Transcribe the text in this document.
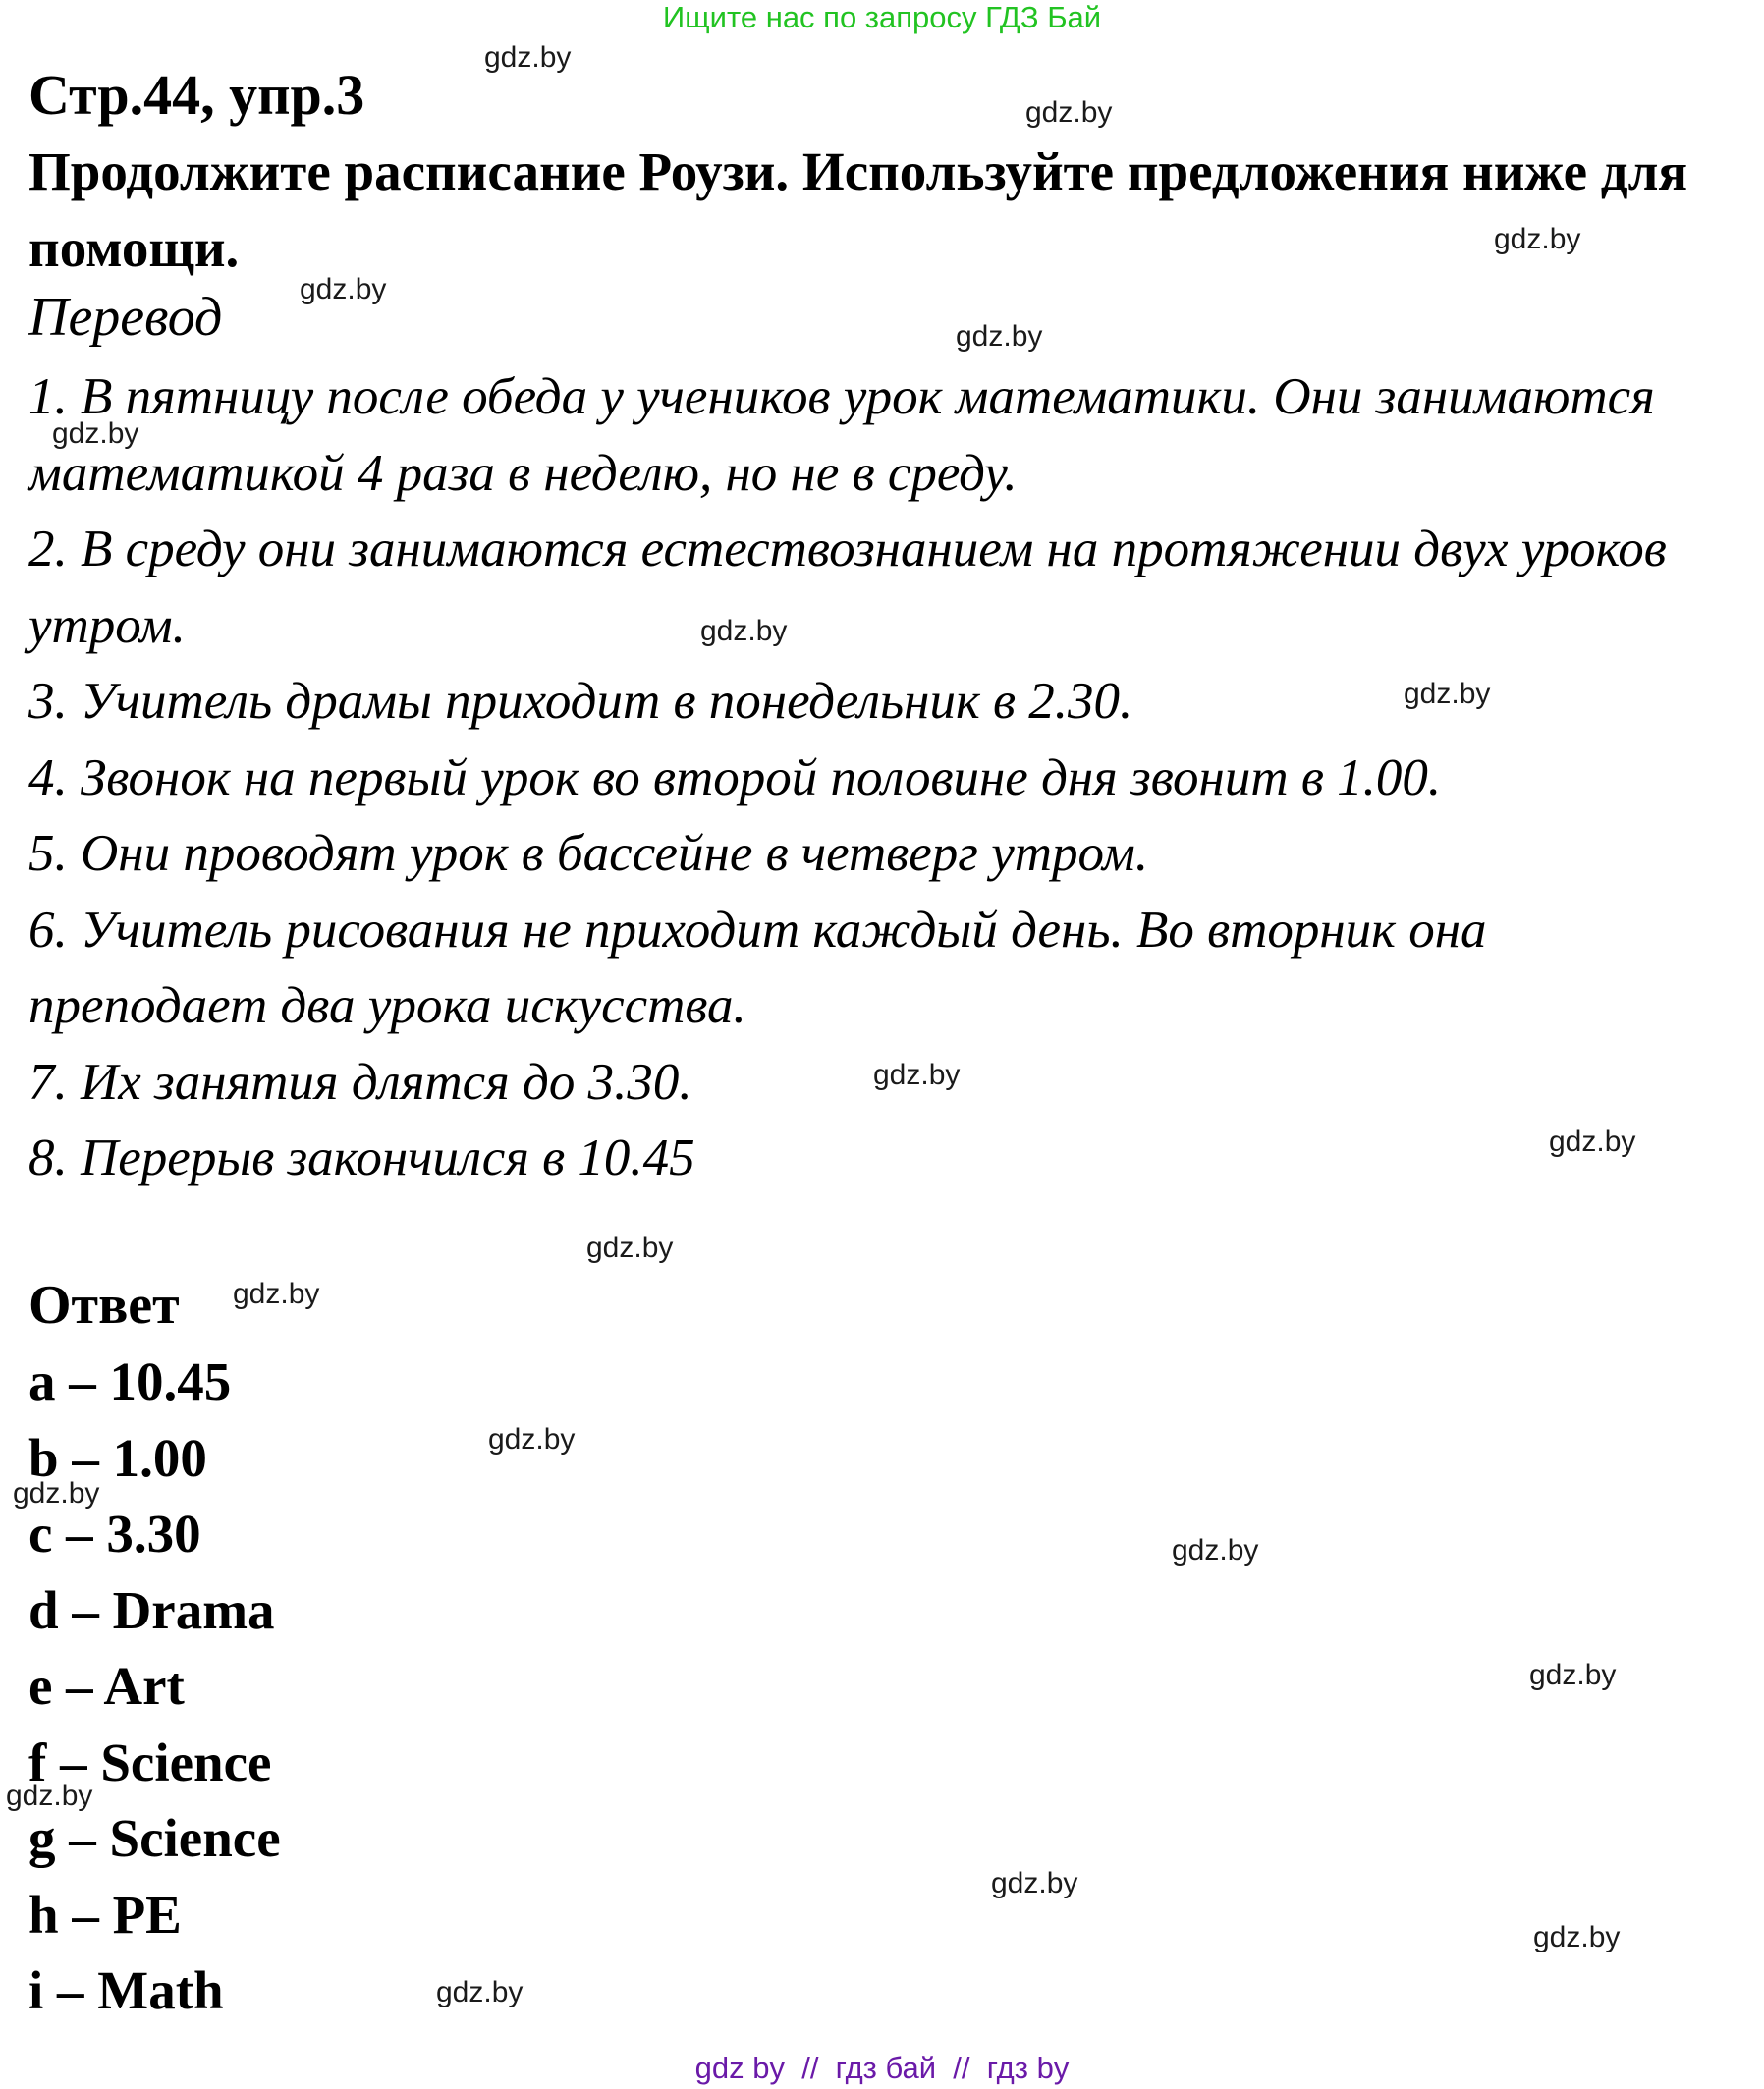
Ищите нас по запросу ГДЗ Бай
Стр.44, упр.3

Продолжите расписание Роузи. Используйте предложения ниже для помощи.

Перевод
1. В пятницу после обеда у учеников урок математики. Они занимаются математикой 4 раза в неделю, но не в среду.
2. В среду они занимаются естествознанием на протяжении двух уроков утром.
3. Учитель драмы приходит в понедельник в 2.30.
4. Звонок на первый урок во второй половине дня звонит в 1.00.
5. Они проводят урок в бассейне в четверг утром.
6. Учитель рисования не приходит каждый день. Во вторник она преподает два урока искусства.
7. Их занятия длятся до 3.30.
8. Перерыв закончился в 10.45
Ответ
a – 10.45
b – 1.00
c – 3.30
d – Drama
e – Art
f – Science
g – Science
h – PE
i – Math
gdz.by
gdz.by
gdz.by
gdz.by
gdz.by
gdz.by
gdz.by
gdz.by
gdz.by
gdz.by
gdz.by
gdz.by
gdz.by
gdz.by
gdz.by
gdz.by
gdz.by
gdz.by
gdz.by
gdz.by
gdz by  //  гдз бай  //  гдз by
